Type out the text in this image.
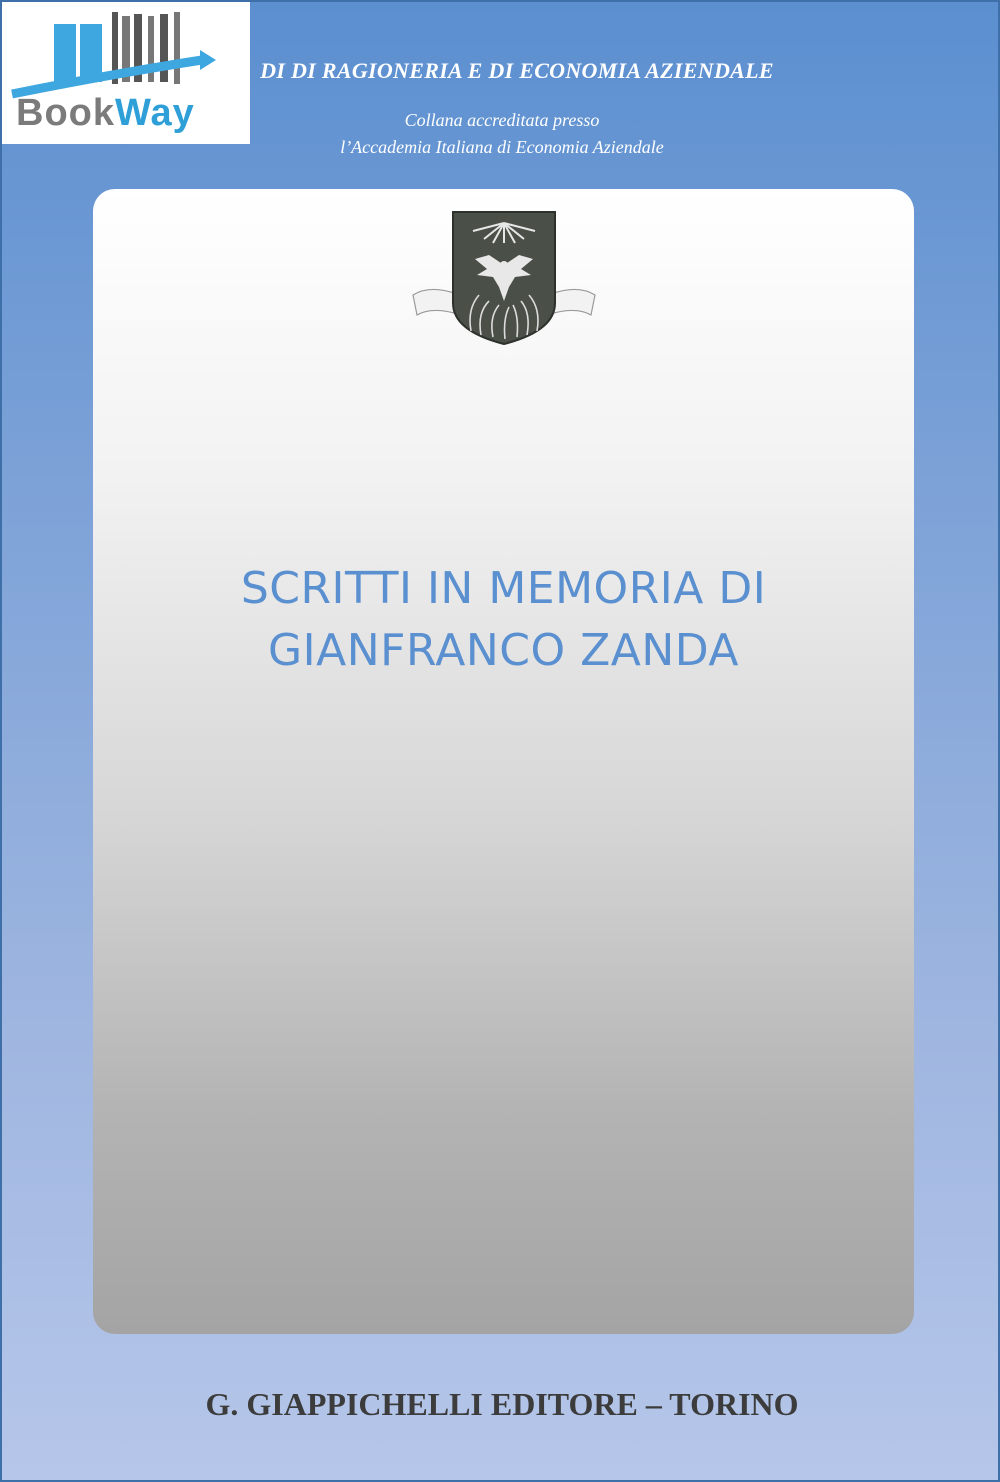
BookWay
DI DI RAGIONERIA E DI ECONOMIA AZIENDALE
Collana accreditata presso
l’Accademia Italiana di Economia Aziendale
SCRITTI IN MEMORIA DI
GIANFRANCO ZANDA
G. GIAPPICHELLI EDITORE – TORINO
